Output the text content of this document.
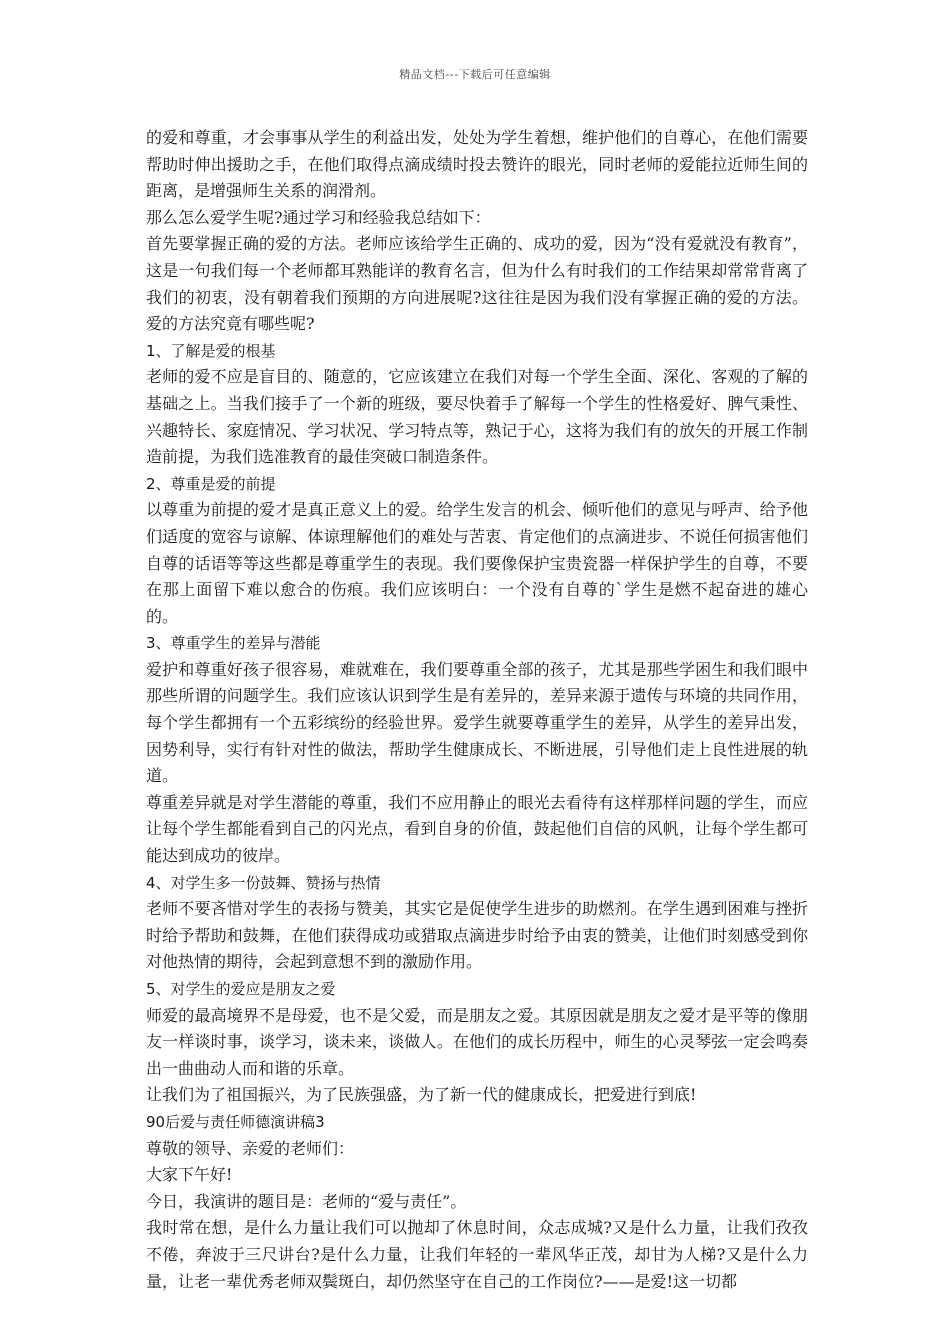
精品文档---下载后可任意编辑

的爱和尊重，才会事事从学生的利益出发，处处为学生着想，维护他们的自尊心，在他们需要帮助时伸出援助之手，在他们取得点滴成绩时投去赞许的眼光，同时老师的爱能拉近师生间的距离，是增强师生关系的润滑剂。

那么怎么爱学生呢?通过学习和经验我总结如下：

首先要掌握正确的爱的方法。老师应该给学生正确的、成功的爱，因为“没有爱就没有教育”，这是一句我们每一个老师都耳熟能详的教育名言，但为什么有时我们的工作结果却常常背离了我们的初衷，没有朝着我们预期的方向进展呢?这往往是因为我们没有掌握正确的爱的方法。爱的方法究竟有哪些呢?

1、了解是爱的根基

老师的爱不应是盲目的、随意的，它应该建立在我们对每一个学生全面、深化、客观的了解的基础之上。当我们接手了一个新的班级，要尽快着手了解每一个学生的性格爱好、脾气秉性、兴趣特长、家庭情况、学习状况、学习特点等，熟记于心，这将为我们有的放矢的开展工作制造前提，为我们选准教育的最佳突破口制造条件。

2、尊重是爱的前提

以尊重为前提的爱才是真正意义上的爱。给学生发言的机会、倾听他们的意见与呼声、给予他们适度的宽容与谅解、体谅理解他们的难处与苦衷、肯定他们的点滴进步、不说任何损害他们自尊的话语等等这些都是尊重学生的表现。我们要像保护宝贵瓷器一样保护学生的自尊，不要在那上面留下难以愈合的伤痕。我们应该明白：一个没有自尊的`学生是燃不起奋进的雄心的。

3、尊重学生的差异与潜能

爱护和尊重好孩子很容易，难就难在，我们要尊重全部的孩子，尤其是那些学困生和我们眼中那些所谓的问题学生。我们应该认识到学生是有差异的，差异来源于遗传与环境的共同作用，每个学生都拥有一个五彩缤纷的经验世界。爱学生就要尊重学生的差异，从学生的差异出发，因势利导，实行有针对性的做法，帮助学生健康成长、不断进展，引导他们走上良性进展的轨道。

尊重差异就是对学生潜能的尊重，我们不应用静止的眼光去看待有这样那样问题的学生，而应让每个学生都能看到自己的闪光点，看到自身的价值，鼓起他们自信的风帆，让每个学生都可能达到成功的彼岸。

4、对学生多一份鼓舞、赞扬与热情

老师不要吝惜对学生的表扬与赞美，其实它是促使学生进步的助燃剂。在学生遇到困难与挫折时给予帮助和鼓舞，在他们获得成功或猎取点滴进步时给予由衷的赞美，让他们时刻感受到你对他热情的期待，会起到意想不到的激励作用。

5、对学生的爱应是朋友之爱

师爱的最高境界不是母爱，也不是父爱，而是朋友之爱。其原因就是朋友之爱才是平等的像朋友一样谈时事，谈学习，谈未来，谈做人。在他们的成长历程中，师生的心灵琴弦一定会鸣奏出一曲曲动人而和谐的乐章。

让我们为了祖国振兴，为了民族强盛，为了新一代的健康成长，把爱进行到底!

90后爱与责任师德演讲稿3

尊敬的领导、亲爱的老师们：

大家下午好!

今日，我演讲的题目是：老师的“爱与责任”。

我时常在想，是什么力量让我们可以抛却了休息时间，众志成城?又是什么力量，让我们孜孜不倦，奔波于三尺讲台?是什么力量，让我们年轻的一辈风华正茂，却甘为人梯?又是什么力量，让老一辈优秀老师双鬓斑白，却仍然坚守在自己的工作岗位?——是爱!这一切都
